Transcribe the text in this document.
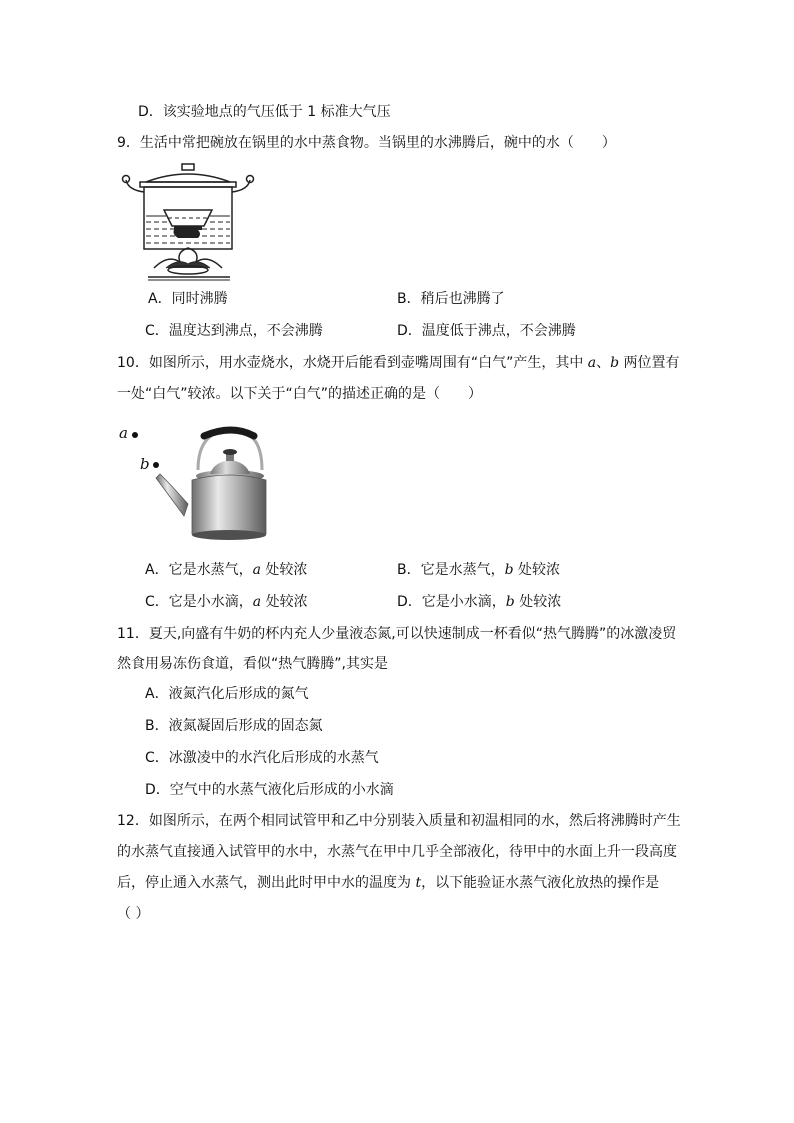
D．该实验地点的气压低于 1 标准大气压
9．生活中常把碗放在锅里的水中蒸食物。当锅里的水沸腾后，碗中的水（　　）
A．同时沸腾	B．稍后也沸腾了
C．温度达到沸点，不会沸腾	D．温度低于沸点，不会沸腾
10．如图所示，用水壶烧水，水烧开后能看到壶嘴周围有“白气”产生，其中 a、b 两位置有
一处“白气”较浓。以下关于“白气”的描述正确的是（　　）
a
b
A．它是水蒸气，a 处较浓	B．它是水蒸气，b 处较浓
C．它是小水滴，a 处较浓	D．它是小水滴，b 处较浓
11．夏天,向盛有牛奶的杯内充人少量液态氮,可以快速制成一杯看似“热气腾腾”的冰激凌贸
然食用易冻伤食道，看似“热气腾腾”,其实是
A．液氮汽化后形成的氮气
B．液氮凝固后形成的固态氮
C．冰激凌中的水汽化后形成的水蒸气
D．空气中的水蒸气液化后形成的小水滴
12．如图所示，在两个相同试管甲和乙中分别装入质量和初温相同的水，然后将沸腾时产生
的水蒸气直接通入试管甲的水中，水蒸气在甲中几乎全部液化，待甲中的水面上升一段高度
后，停止通入水蒸气，测出此时甲中水的温度为 t，以下能验证水蒸气液化放热的操作是
（ ）
